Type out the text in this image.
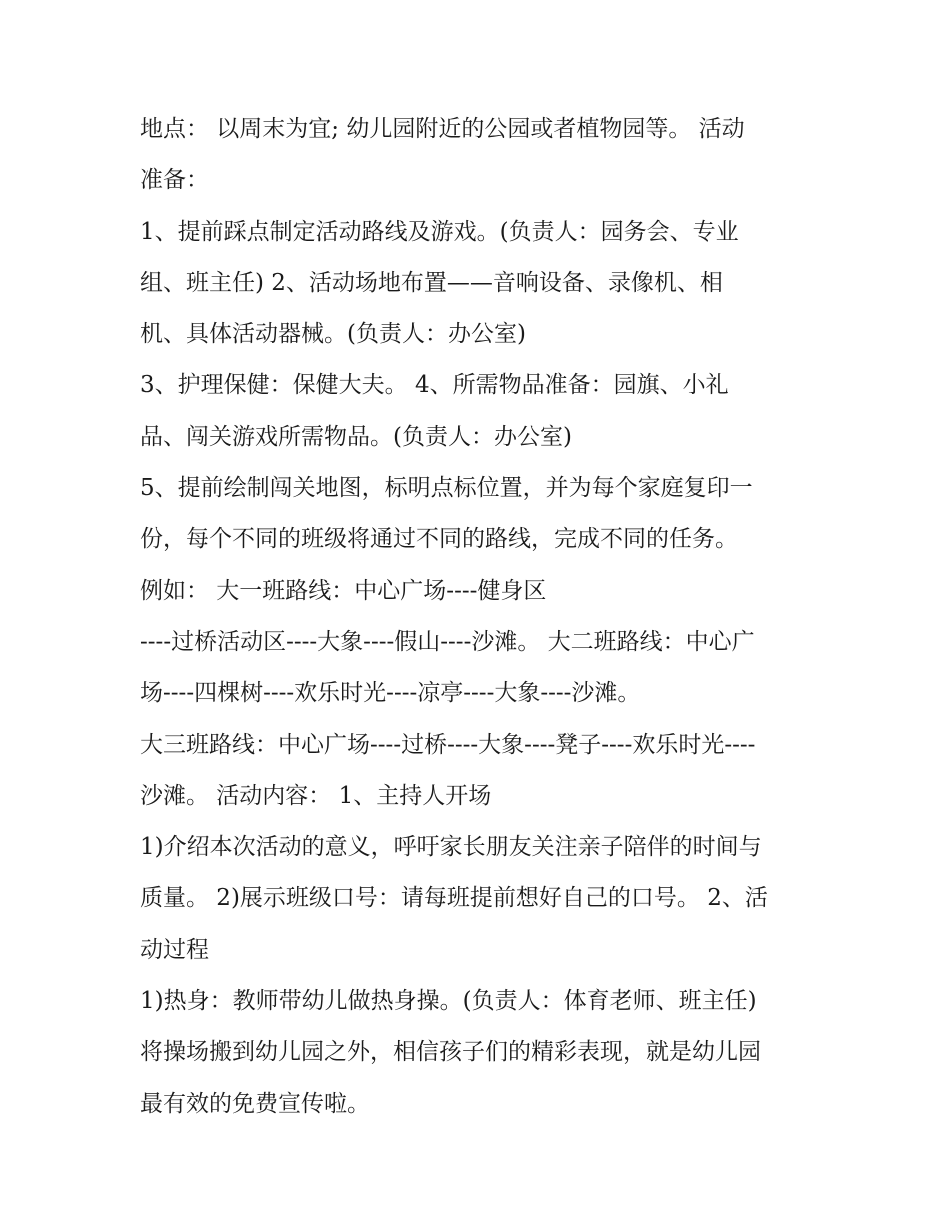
地点： 以周末为宜; 幼儿园附近的公园或者植物园等。 活动
准备：
1、提前踩点制定活动路线及游戏。(负责人：园务会、专业
组、班主任) 2、活动场地布置——音响设备、录像机、相
机、具体活动器械。(负责人：办公室)
3、护理保健：保健大夫。 4、所需物品准备：园旗、小礼
品、闯关游戏所需物品。(负责人：办公室)
5、提前绘制闯关地图，标明点标位置，并为每个家庭复印一
份，每个不同的班级将通过不同的路线，完成不同的任务。
例如： 大一班路线：中心广场----健身区
----过桥活动区----大象----假山----沙滩。 大二班路线：中心广
场----四棵树----欢乐时光----凉亭----大象----沙滩。
大三班路线：中心广场----过桥----大象----凳子----欢乐时光----
沙滩。 活动内容： 1、主持人开场
1)介绍本次活动的意义，呼吁家长朋友关注亲子陪伴的时间与
质量。 2)展示班级口号：请每班提前想好自己的口号。 2、活
动过程
1)热身：教师带幼儿做热身操。(负责人：体育老师、班主任)
将操场搬到幼儿园之外，相信孩子们的精彩表现，就是幼儿园
最有效的免费宣传啦。
